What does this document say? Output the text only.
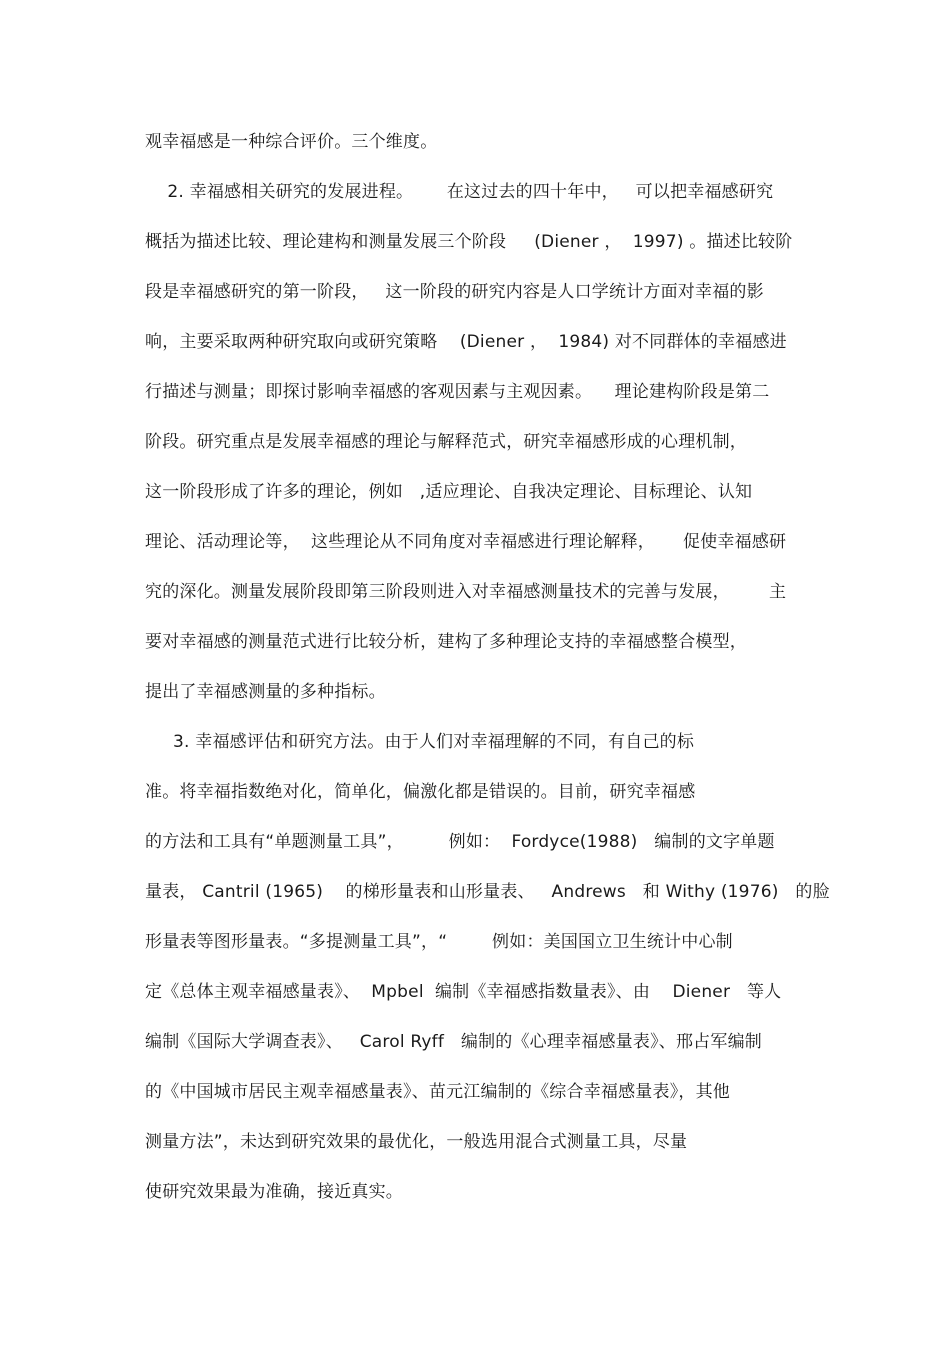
观幸福感是一种综合评价。三个维度。
2. 幸福感相关研究的发展进程。      在这过去的四十年中，   可以把幸福感研究
概括为描述比较、理论建构和测量发展三个阶段     (Diener ，  1997) 。描述比较阶
段是幸福感研究的第一阶段，   这一阶段的研究内容是人口学统计方面对幸福的影
响，主要采取两种研究取向或研究策略    (Diener ，  1984) 对不同群体的幸福感进
行描述与测量；即探讨影响幸福感的客观因素与主观因素。    理论建构阶段是第二
阶段。研究重点是发展幸福感的理论与解释范式，研究幸福感形成的心理机制，
这一阶段形成了许多的理论，例如   ,适应理论、自我决定理论、目标理论、认知
理论、活动理论等，  这些理论从不同角度对幸福感进行理论解释，     促使幸福感研
究的深化。测量发展阶段即第三阶段则进入对幸福感测量技术的完善与发展，       主
要对幸福感的测量范式进行比较分析，建构了多种理论支持的幸福感整合模型，
提出了幸福感测量的多种指标。
3. 幸福感评估和研究方法。由于人们对幸福理解的不同，有自己的标
准。将幸福指数绝对化，简单化，偏激化都是错误的。目前，研究幸福感
的方法和工具有“单题测量工具”，        例如：  Fordyce(1988)   编制的文字单题
量表， Cantril (1965)    的梯形量表和山形量表、   Andrews   和 Withy (1976)   的脸
形量表等图形量表。“多提测量工具”，“        例如：美国国立卫生统计中心制
定《总体主观幸福感量表》、  Mpbel  编制《幸福感指数量表》、由    Diener   等人
编制《国际大学调查表》、   Carol Ryff   编制的《心理幸福感量表》、邢占军编制
的《中国城市居民主观幸福感量表》、苗元江编制的《综合幸福感量表》，其他
测量方法”，未达到研究效果的最优化，一般选用混合式测量工具，尽量
使研究效果最为准确，接近真实。
